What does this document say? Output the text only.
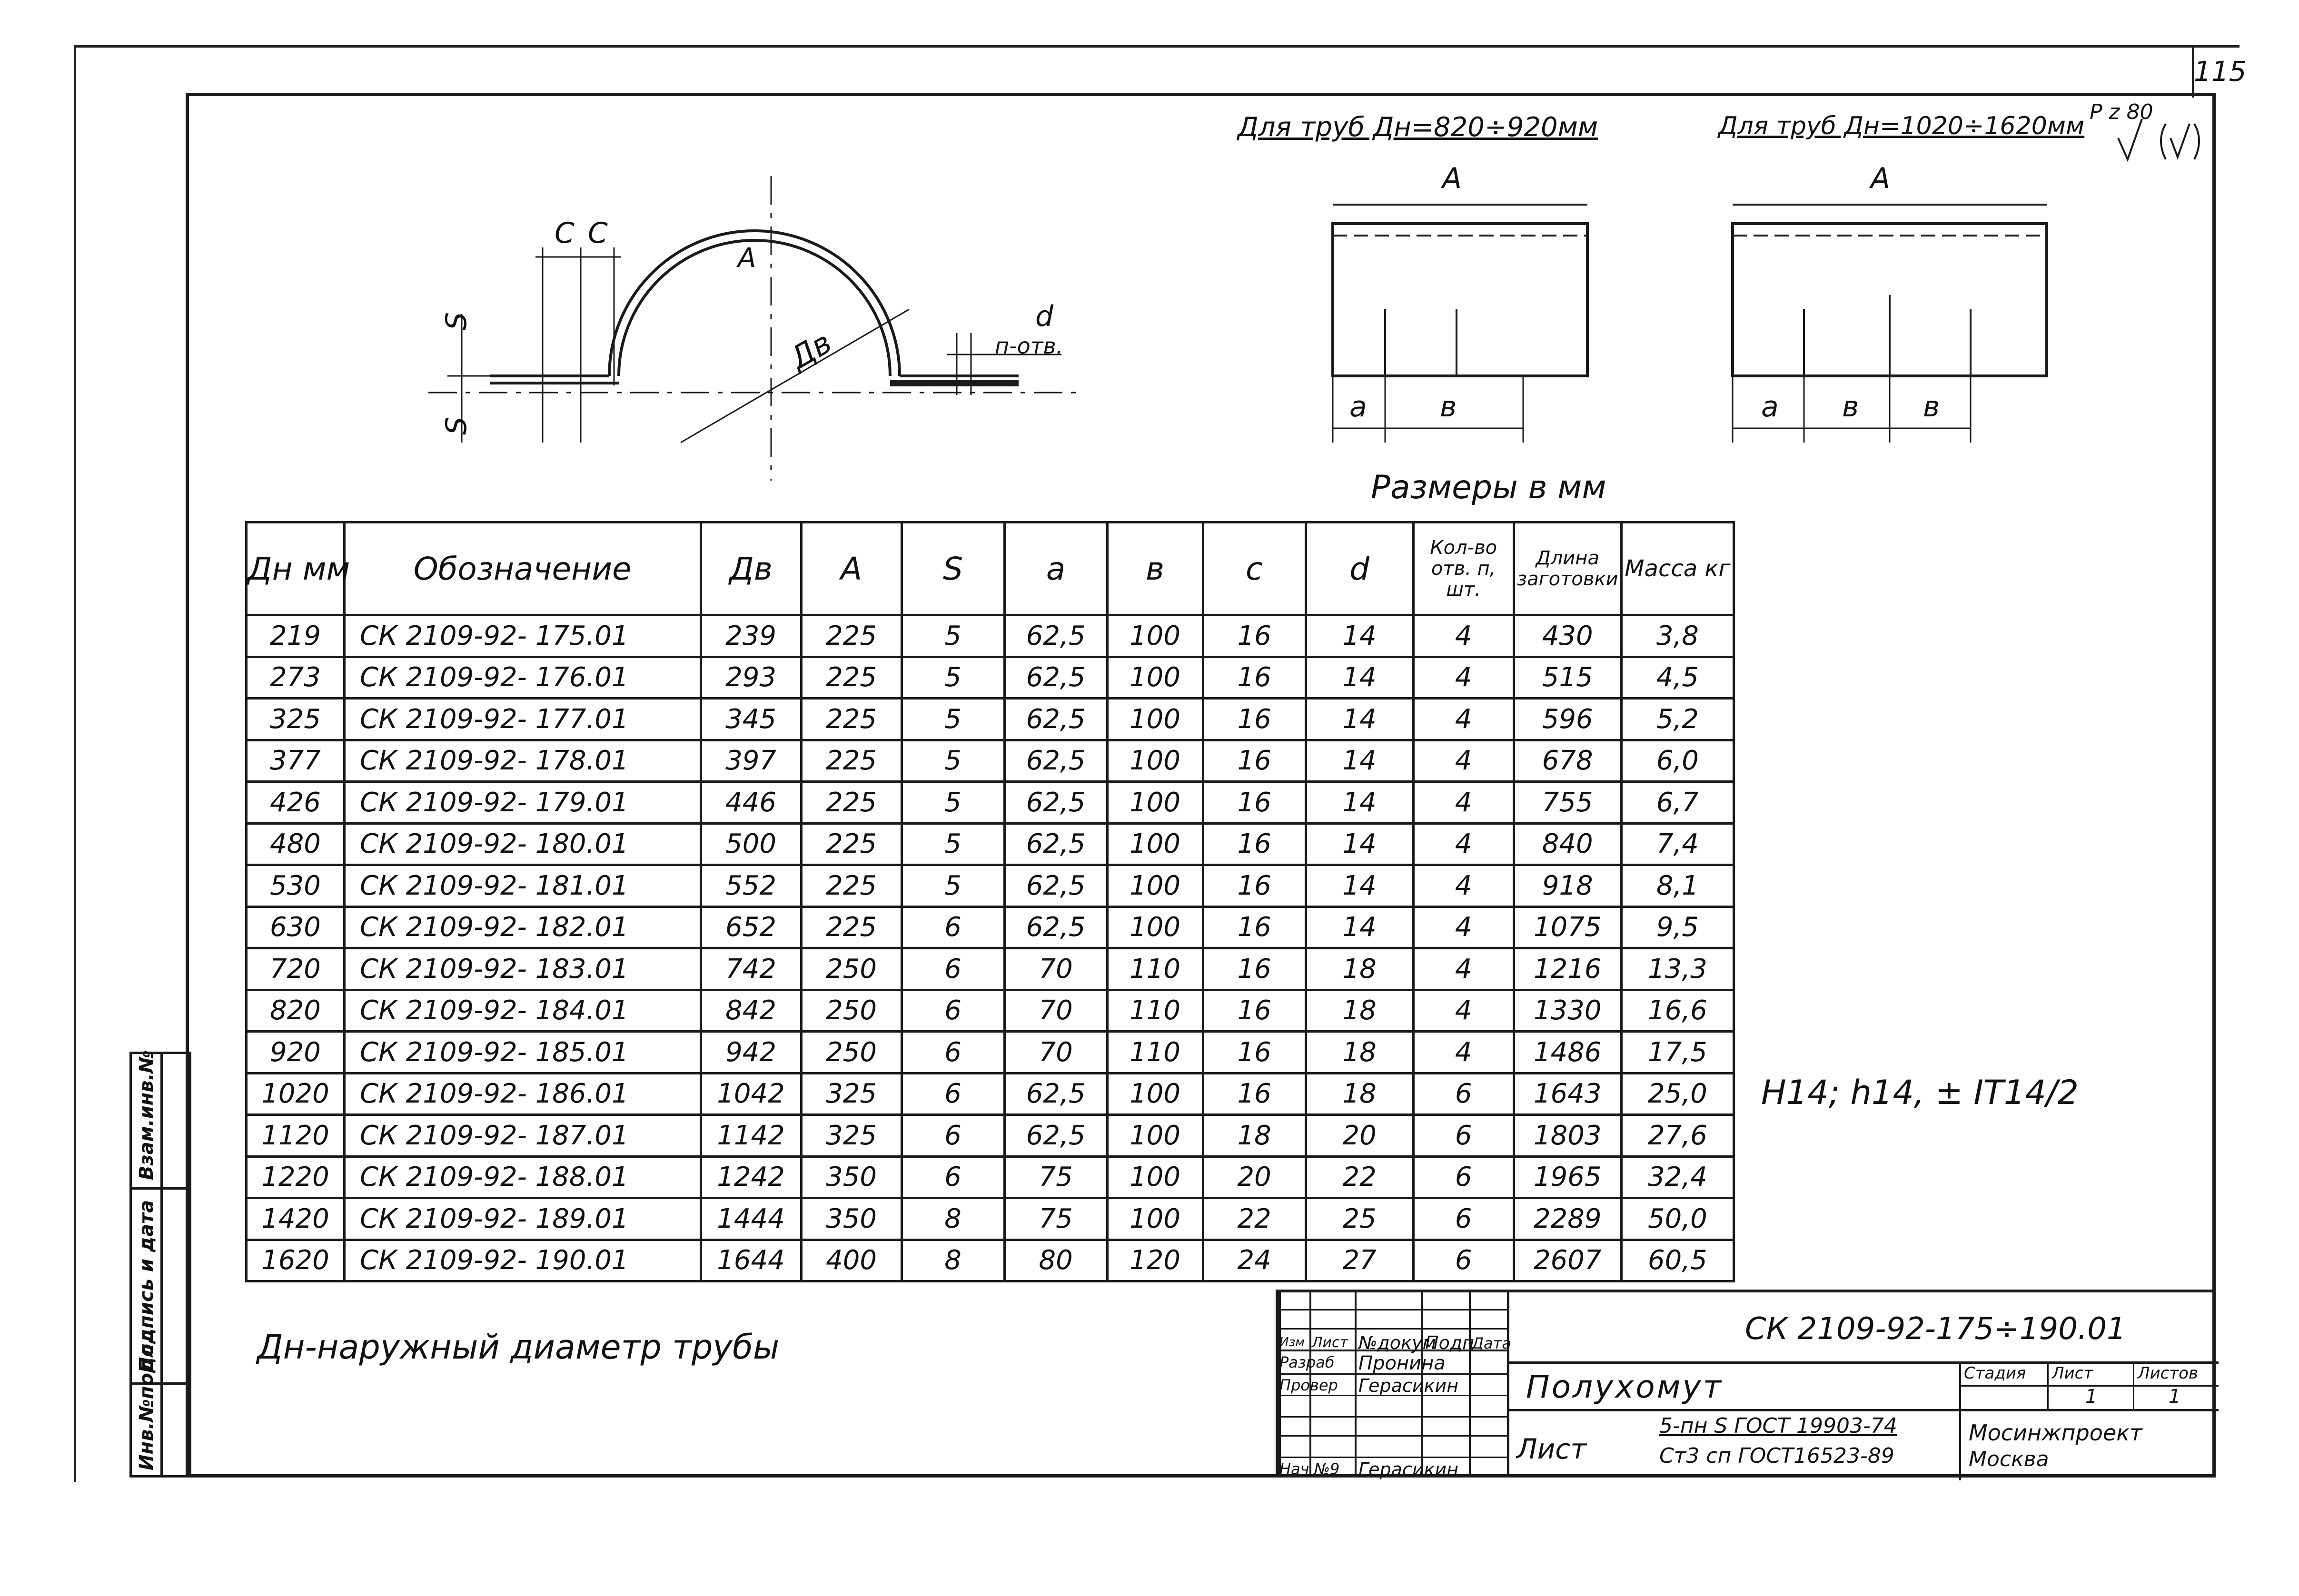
115
C C
S
S
A
Дв
d
п-отв.
Для труб Дн=820÷920мм
A
a	в
Для труб Дн=1020÷1620мм P z 80
A
a в в
Размеры в мм
Дн мм	Обозначение	Дв	A	S	a	в	c	d	Кол-во отв. п, шт.	Длина заготовки	Масса кг
219	СК 2109-92- 175.01	239	225	5	62,5	100	16	14	4	430	3,8
273	СК 2109-92- 176.01	293	225	5	62,5	100	16	14	4	515	4,5
325	СК 2109-92- 177.01	345	225	5	62,5	100	16	14	4	596	5,2
377	СК 2109-92- 178.01	397	225	5	62,5	100	16	14	4	678	6,0
426	СК 2109-92- 179.01	446	225	5	62,5	100	16	14	4	755	6,7
480	СК 2109-92- 180.01	500	225	5	62,5	100	16	14	4	840	7,4
530	СК 2109-92- 181.01	552	225	5	62,5	100	16	14	4	918	8,1
630	СК 2109-92- 182.01	652	225	6	62,5	100	16	14	4	1075	9,5
720	СК 2109-92- 183.01	742	250	6	70	110	16	18	4	1216	13,3
820	СК 2109-92- 184.01	842	250	6	70	110	16	18	4	1330	16,6
920	СК 2109-92- 185.01	942	250	6	70	110	16	18	4	1486	17,5
1020	СК 2109-92- 186.01	1042	325	6	62,5	100	16	18	6	1643	25,0
1120	СК 2109-92- 187.01	1142	325	6	62,5	100	18	20	6	1803	27,6
1220	СК 2109-92- 188.01	1242	350	6	75	100	20	22	6	1965	32,4
1420	СК 2109-92- 189.01	1444	350	8	75	100	22	25	6	2289	50,0
1620	СК 2109-92- 190.01	1644	400	8	80	120	24	27	6	2607	60,5
H14; h14, ± IT14/2
Дн-наружный диаметр трубы
Инв.№подл.
Подпись и дата
Взам.инв.№
СК 2109-92-175÷190.01
Изм Лист №докум
Подп
Дата
Разраб Пронина
Провер Герасикин
Нач №9 Герасикин
Полухомут	Стадия Лист	Листов
1	1
Лист
5-пн S ГОСТ 19903-74
Ст3 сп ГОСТ16523-89
Мосинжпроект
Москва
